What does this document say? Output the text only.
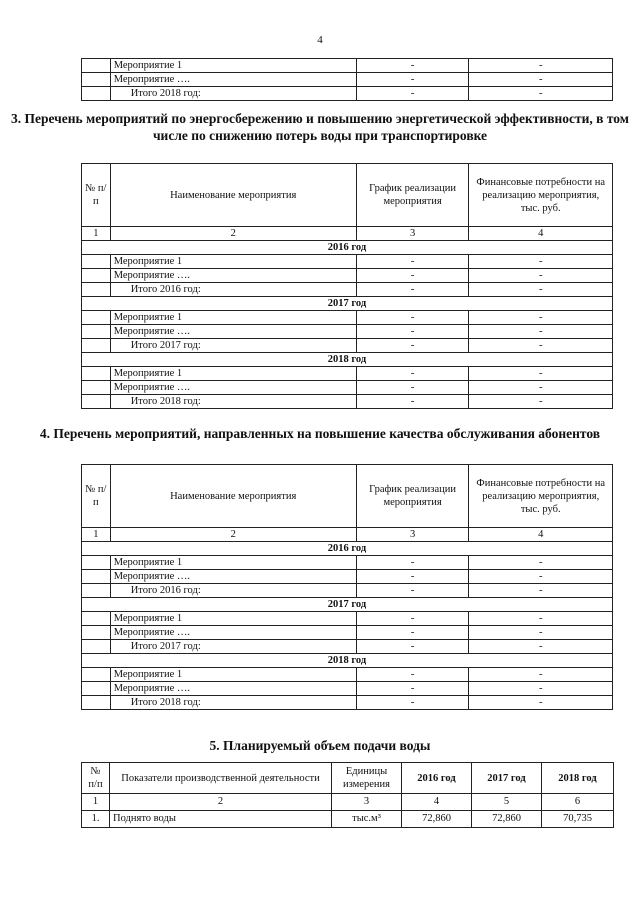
4
	Мероприятие 1	-	-
	Мероприятие ….	-	-
	Итого 2018 год:	-	-
3. Перечень мероприятий по энергосбережению и повышению энергетической эффективности, в том числе по снижению потерь воды при транспортировке
№ п/п	Наименование мероприятия	График реализации мероприятия	Финансовые потребности на реализацию мероприятия, тыс. руб.
1	2	3	4
2016 год			
	Мероприятие 1	-	-
	Мероприятие ….	-	-
	Итого 2016 год:	-	-
2017 год			
	Мероприятие 1	-	-
	Мероприятие ….	-	-
	Итого 2017 год:	-	-
2018 год			
	Мероприятие 1	-	-
	Мероприятие ….	-	-
	Итого 2018 год:	-	-
4. Перечень мероприятий, направленных на повышение качества обслуживания абонентов
№ п/п	Наименование мероприятия	График реализации мероприятия	Финансовые потребности на реализацию мероприятия, тыс. руб.
1	2	3	4
2016 год			
	Мероприятие 1	-	-
	Мероприятие ….	-	-
	Итого 2016 год:	-	-
2017 год			
	Мероприятие 1	-	-
	Мероприятие ….	-	-
	Итого 2017 год:	-	-
2018 год			
	Мероприятие 1	-	-
	Мероприятие ….	-	-
	Итого 2018 год:	-	-
5. Планируемый объем подачи воды
№ п/п	Показатели производственной деятельности	Единицы измерения	2016 год	2017 год	2018 год
1	2	3	4	5	6
1.	Поднято воды	тыс.м³	72,860	72,860	70,735
